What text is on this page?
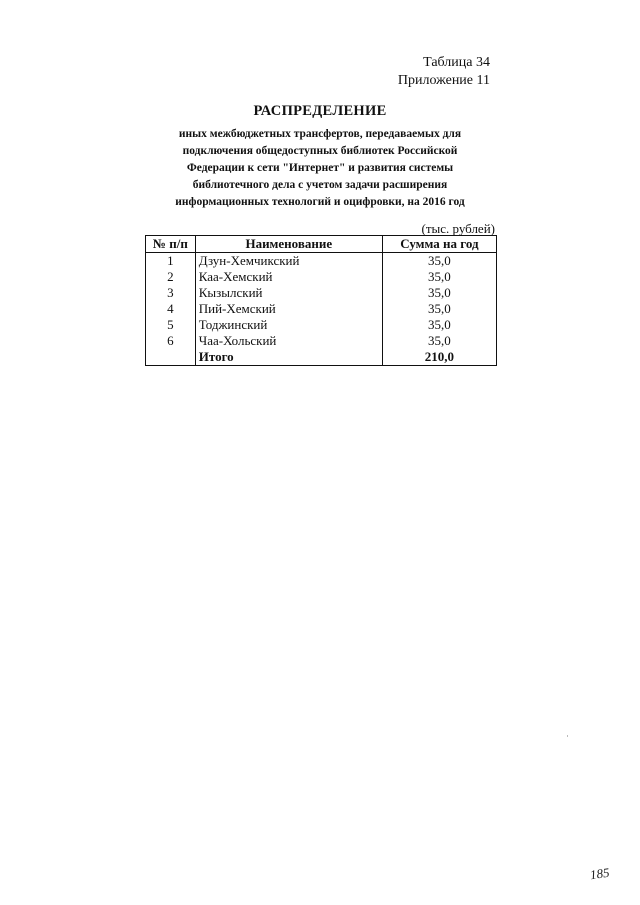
Таблица 34
Приложение 11
РАСПРЕДЕЛЕНИЕ
иных межбюджетных трансфертов, передаваемых для
подключения общедоступных библиотек Российской
Федерации к сети "Интернет" и развития системы
библиотечного дела с учетом задачи расширения
информационных технологий и оцифровки, на 2016 год
(тыс. рублей)
№ п/п	Наименование	Сумма на год
1	Дзун-Хемчикский	35,0
2	Каа-Хемский	35,0
3	Кызылский	35,0
4	Пий-Хемский	35,0
5	Тоджинский	35,0
6	Чаа-Хольский	35,0
	Итого	210,0
185
